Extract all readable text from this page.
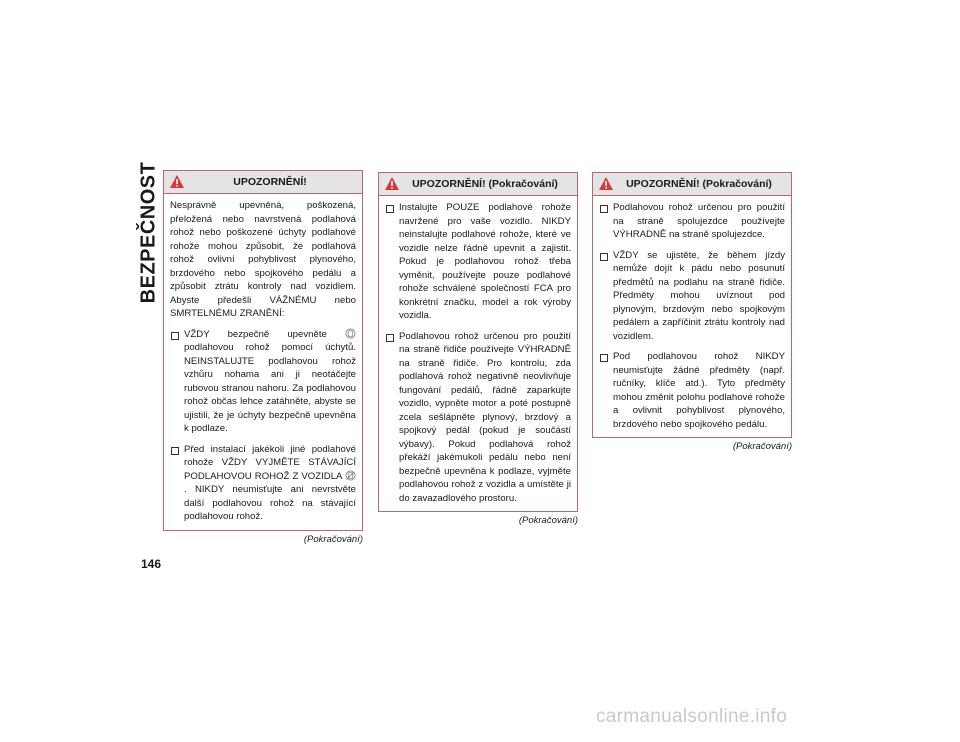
BEZPEČNOST
146
UPOZORNĚNÍ!

Nesprávně upevněná, poškozená, přeložená nebo navrstvená podlahová rohož nebo poškozené úchyty podlahové rohože mohou způsobit, že podlahová rohož ovlivní pohyblivost plynového, brzdového nebo spojkového pedálu a způsobit ztrátu kontroly nad vozidlem. Abyste předešli VÁŽNÉMU nebo SMRTELNÉMU ZRANĚNÍ:

VŽDY bezpečně upevněte  podlahovou rohož pomocí úchytů. NEINSTALUJTE podlahovou rohož vzhůru nohama ani ji neotáčejte rubovou stranou nahoru. Za podlahovou rohož občas lehce zatáhněte, abyste se ujistili, že je úchyty bezpečně upevněna k podlaze.
Před instalací jakékoli jiné podlahové rohože VŽDY VYJMĚTE STÁVAJÍCÍ PODLAHOVOU ROHOŽ Z VOZIDLA . NIKDY neumisťujte ani nevrstvěte další podlahovou rohož na stávající podlahovou rohož.
(Pokračování)
UPOZORNĚNÍ! (Pokračování)
Instalujte POUZE podlahové rohože navržené pro vaše vozidlo. NIKDY neinstalujte podlahové rohože, které ve vozidle nelze řádně upevnit a zajistit. Pokud je podlahovou rohož třeba vyměnit, používejte pouze podlahové rohože schválené společností FCA pro konkrétní značku, model a rok výroby vozidla.
Podlahovou rohož určenou pro použití na straně řidiče používejte VÝHRADNĚ na straně řidiče. Pro kontrolu, zda podlahová rohož negativně neovlivňuje fungování pedálů, řádně zaparkujte vozidlo, vypněte motor a poté postupně zcela sešlápněte plynový, brzdový a spojkový pedál (pokud je součástí výbavy). Pokud podlahová rohož překáží jakémukoli pedálu nebo není bezpečně upevněna k podlaze, vyjměte podlahovou rohož z vozidla a umístěte ji do zavazadlového prostoru.
(Pokračování)
UPOZORNĚNÍ! (Pokračování)
Podlahovou rohož určenou pro použití na straně spolujezdce používejte VÝHRADNĚ na straně spolujezdce.
VŽDY se ujistěte, že během jízdy nemůže dojít k pádu nebo posunutí předmětů na podlahu na straně řidiče. Předměty mohou uvíznout pod plynovým, brzdovým nebo spojkovým pedálem a zapříčinit ztrátu kontroly nad vozidlem.
Pod podlahovou rohož NIKDY neumisťujte žádné předměty (např. ručníky, klíče atd.). Tyto předměty mohou změnit polohu podlahové rohože a ovlivnit pohyblivost plynového, brzdového nebo spojkového pedálu.
(Pokračování)
carmanualsonline.info
